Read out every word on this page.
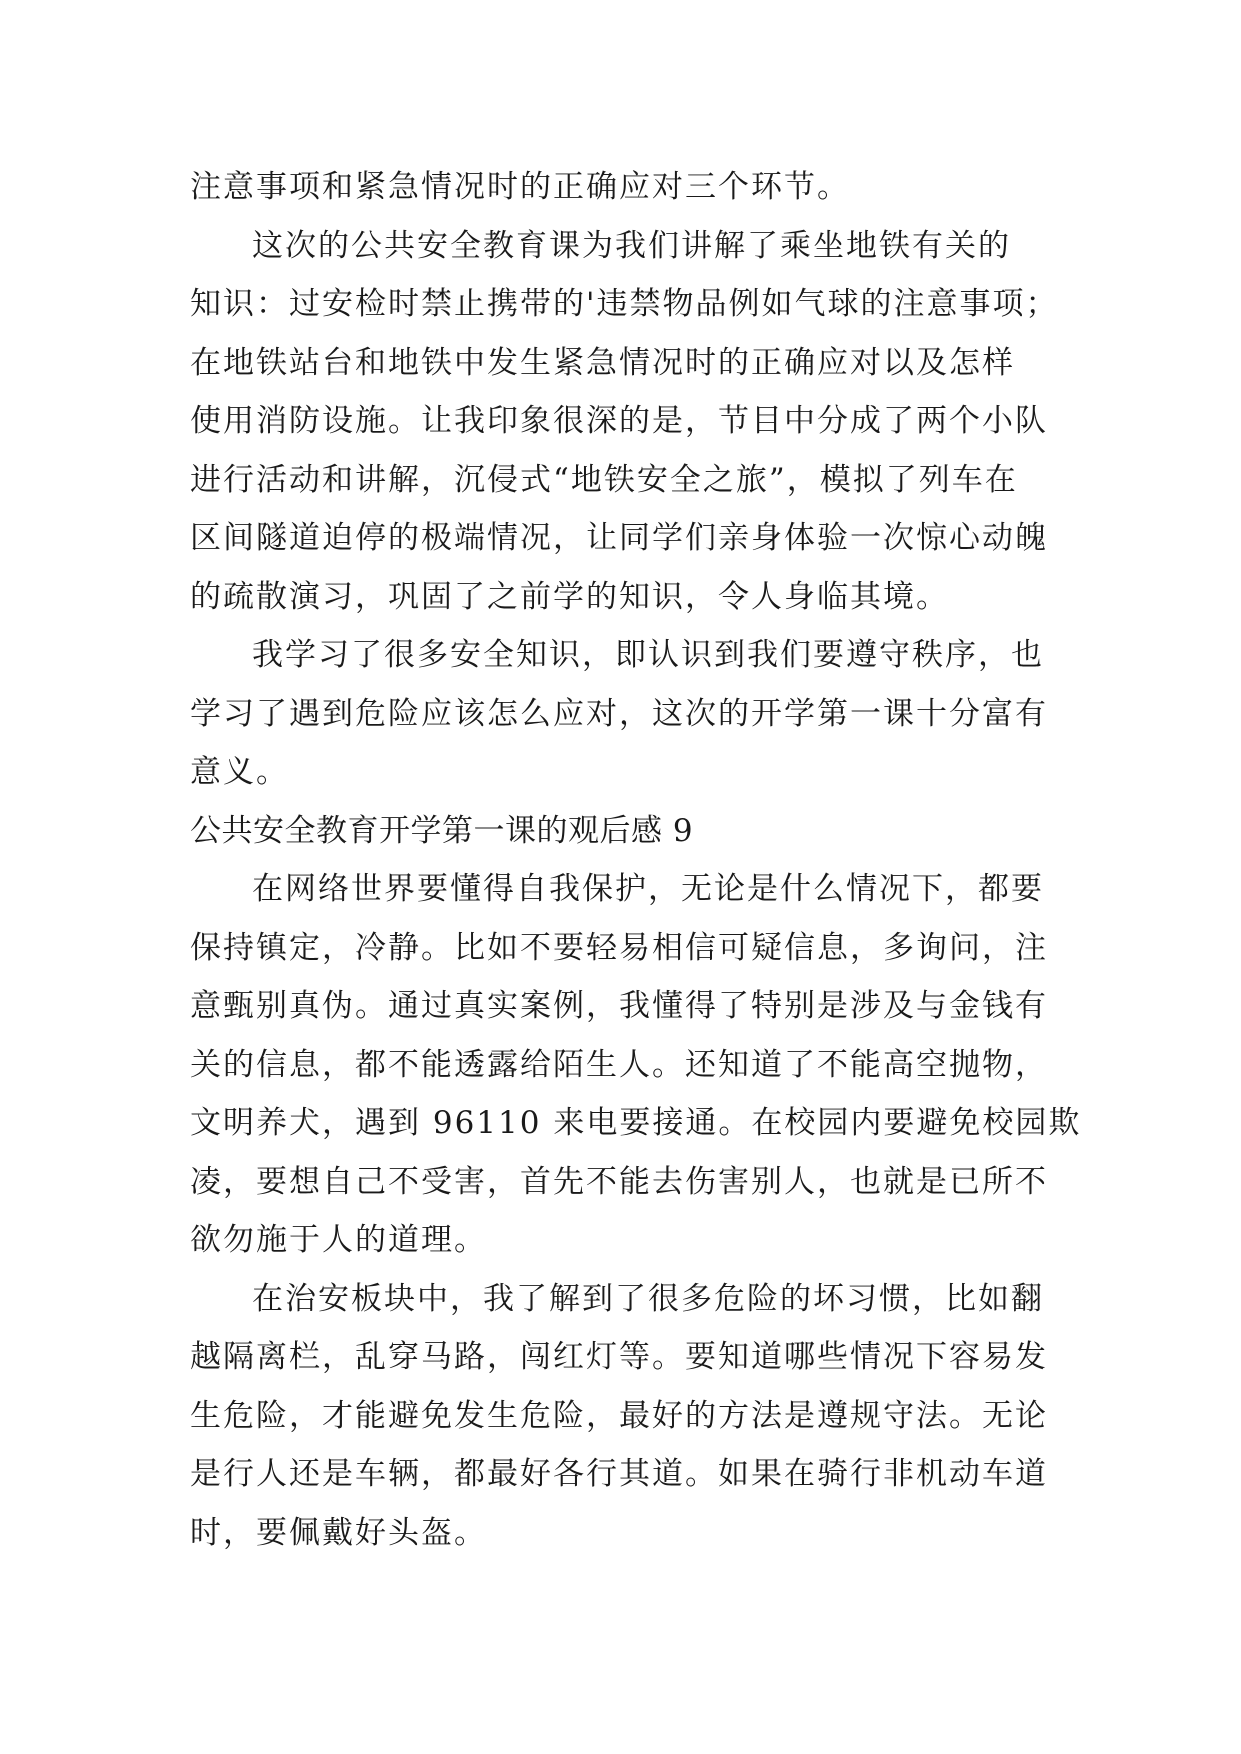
注意事项和紧急情况时的正确应对三个环节。

这次的公共安全教育课为我们讲解了乘坐地铁有关的
知识：过安检时禁止携带的'违禁物品例如气球的注意事项；
在地铁站台和地铁中发生紧急情况时的正确应对以及怎样
使用消防设施。让我印象很深的是，节目中分成了两个小队
进行活动和讲解，沉侵式“地铁安全之旅”，模拟了列车在
区间隧道迫停的极端情况，让同学们亲身体验一次惊心动魄
的疏散演习，巩固了之前学的知识，令人身临其境。

我学习了很多安全知识，即认识到我们要遵守秩序，也
学习了遇到危险应该怎么应对，这次的开学第一课十分富有
意义。

公共安全教育开学第一课的观后感 9

在网络世界要懂得自我保护，无论是什么情况下，都要
保持镇定，冷静。比如不要轻易相信可疑信息，多询问，注
意甄别真伪。通过真实案例，我懂得了特别是涉及与金钱有
关的信息，都不能透露给陌生人。还知道了不能高空抛物，
文明养犬，遇到 96110 来电要接通。在校园内要避免校园欺
凌，要想自己不受害，首先不能去伤害别人，也就是已所不
欲勿施于人的道理。

在治安板块中，我了解到了很多危险的坏习惯，比如翻
越隔离栏，乱穿马路，闯红灯等。要知道哪些情况下容易发
生危险，才能避免发生危险，最好的方法是遵规守法。无论
是行人还是车辆，都最好各行其道。如果在骑行非机动车道
时，要佩戴好头盔。
